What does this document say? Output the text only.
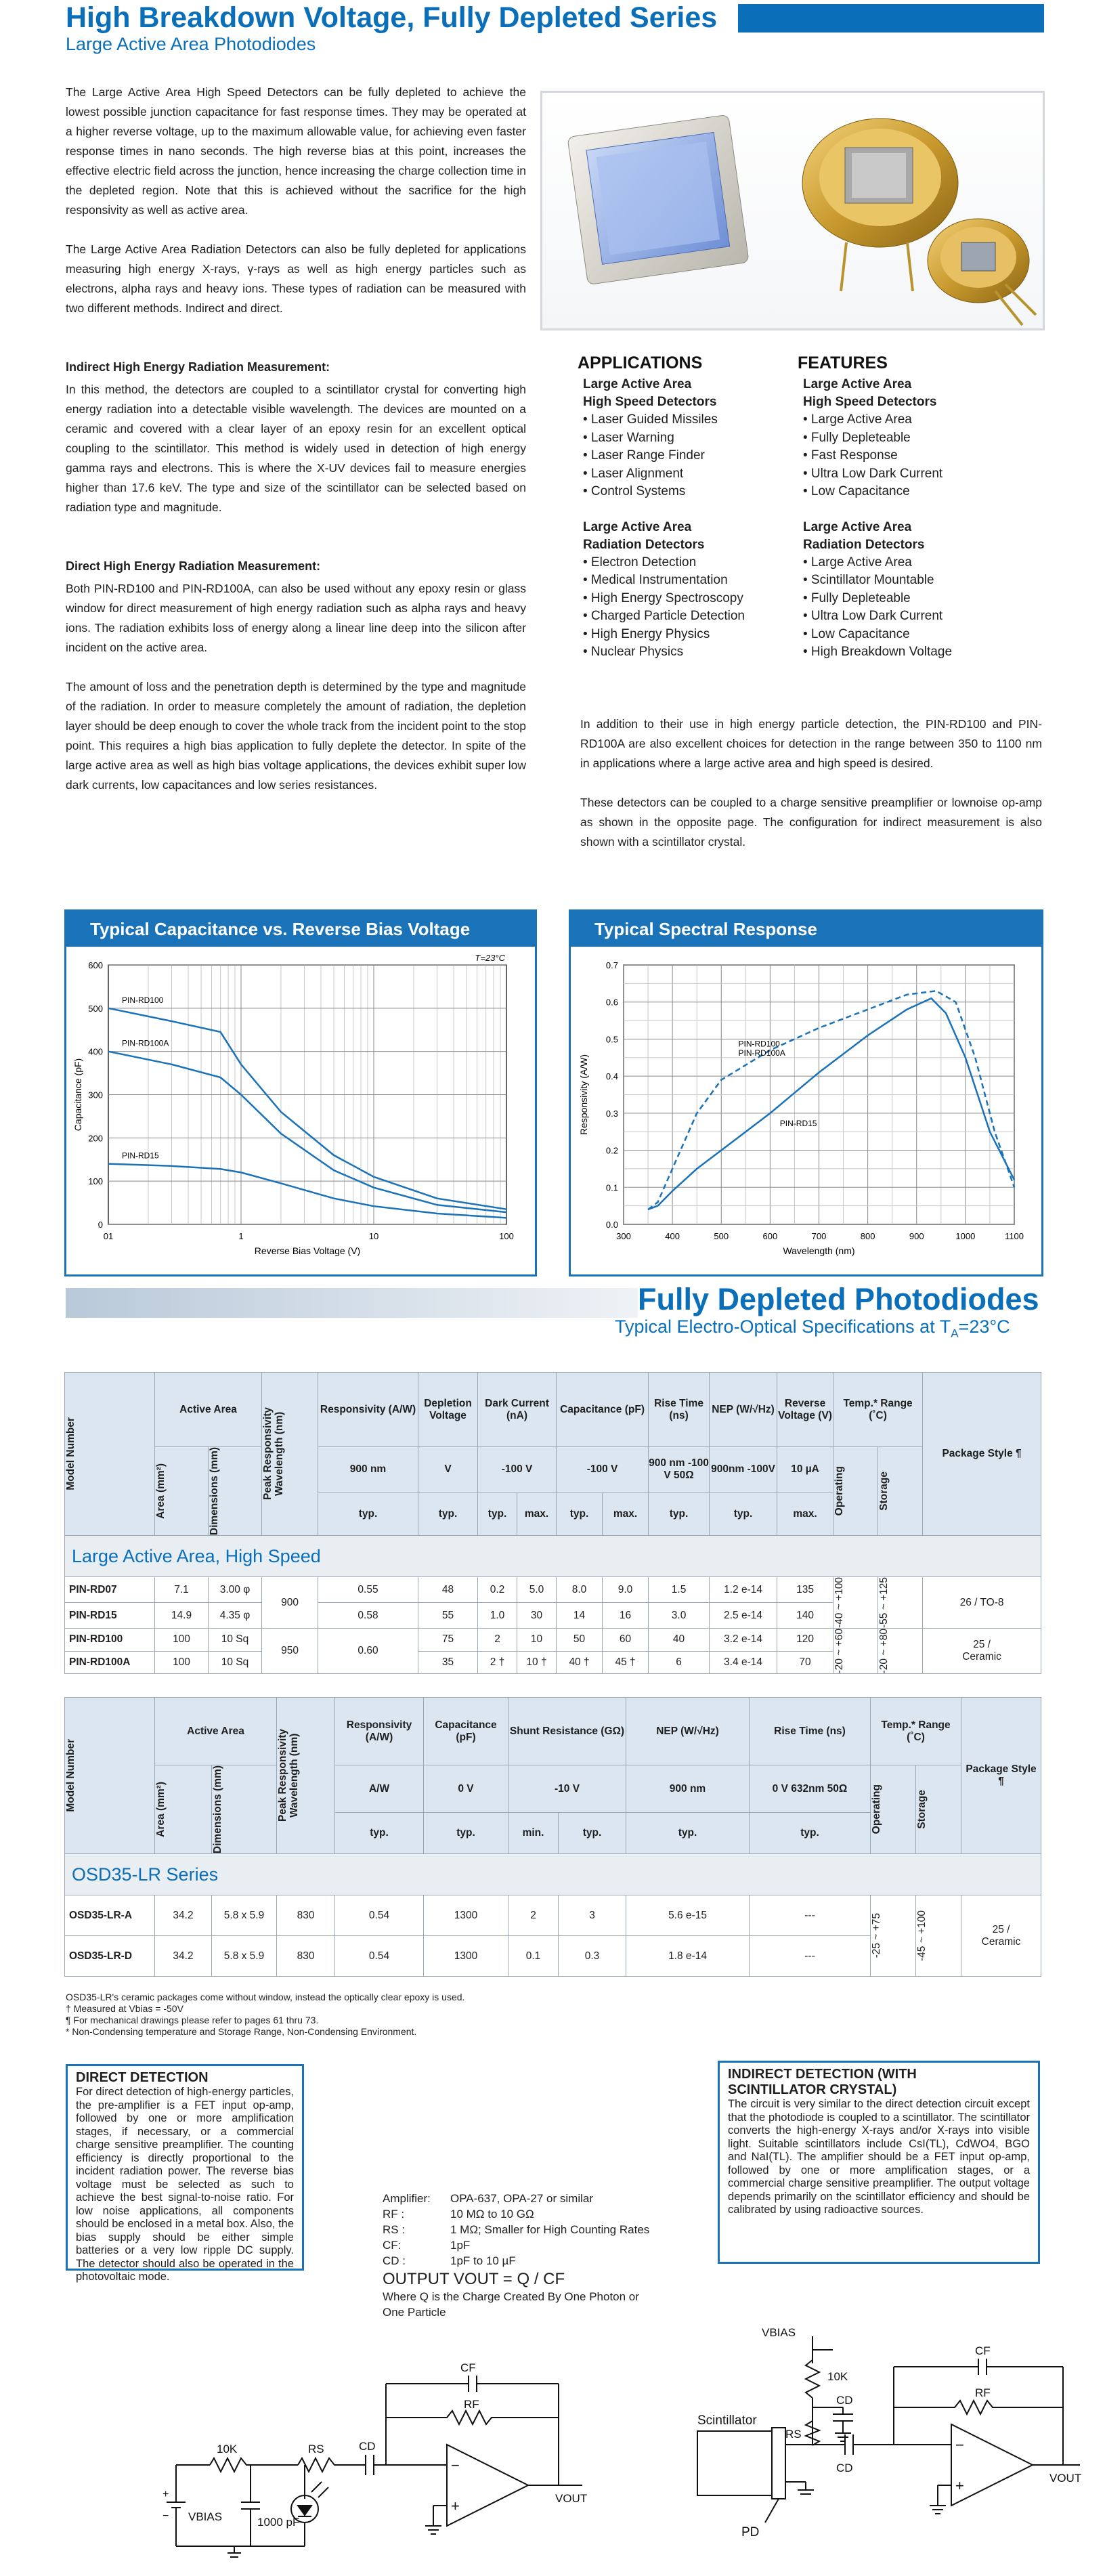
High Breakdown Voltage, Fully Depleted Series
Large Active Area Photodiodes
The Large Active Area High Speed Detectors can be fully depleted to achieve the lowest possible junction capacitance for fast response times. They may be operated at a higher reverse voltage, up to the maximum allowable value, for achieving even faster response times in nano seconds. The high reverse bias at this point, increases the effective electric field across the junction, hence increasing the charge collection time in the depleted region. Note that this is achieved without the sacrifice for the high responsivity as well as active area.
The Large Active Area Radiation Detectors can also be fully depleted for applications measuring high energy X-rays, γ-rays as well as high energy particles such as electrons, alpha rays and heavy ions. These types of radiation can be measured with two different methods. Indirect and direct.
Indirect High Energy Radiation Measurement:
In this method, the detectors are coupled to a scintillator crystal for converting high energy radiation into a detectable visible wavelength. The devices are mounted on a ceramic and covered with a clear layer of an epoxy resin for an excellent optical coupling to the scintillator. This method is widely used in detection of high energy gamma rays and electrons. This is where the X-UV devices fail to measure energies higher than 17.6 keV. The type and size of the scintillator can be selected based on radiation type and magnitude.
Direct High Energy Radiation Measurement:
Both PIN-RD100 and PIN-RD100A, can also be used without any epoxy resin or glass window for direct measurement of high energy radiation such as alpha rays and heavy ions. The radiation exhibits loss of energy along a linear line deep into the silicon after incident on the active area.
The amount of loss and the penetration depth is determined by the type and magnitude of the radiation. In order to measure completely the amount of radiation, the depletion layer should be deep enough to cover the whole track from the incident point to the stop point. This requires a high bias application to fully deplete the detector. In spite of the large active area as well as high bias voltage applications, the devices exhibit super low dark currents, low capacitances and low series resistances.
APPLICATIONS
Large Active Area
High Speed Detectors
• Laser Guided Missiles
• Laser Warning
• Laser Range Finder
• Laser Alignment
• Control Systems
Large Active Area
Radiation Detectors
• Electron Detection
• Medical Instrumentation
• High Energy Spectroscopy
• Charged Particle Detection
• High Energy Physics
• Nuclear Physics
FEATURES
Large Active Area
High Speed Detectors
• Large Active Area
• Fully Depleteable
• Fast Response
• Ultra Low Dark Current
• Low Capacitance
Large Active Area
Radiation Detectors
• Large Active Area
• Scintillator Mountable
• Fully Depleteable
• Ultra Low Dark Current
• Low Capacitance
• High Breakdown Voltage
In addition to their use in high energy particle detection, the PIN-RD100 and PIN-RD100A are also excellent choices for detection in the range between 350 to 1100 nm in applications where a large active area and high speed is desired.
These detectors can be coupled to a charge sensitive preamplifier or lownoise op-amp as shown in the opposite page. The configuration for indirect measurement is also shown with a scintillator crystal.
Typical Capacitance vs. Reverse Bias Voltage
0
100
200
300
400
500
600
01	1	10	100
Reverse Bias Voltage (V)
Capacitance (pF)
T=23°C
PIN-RD100
PIN-RD100A
PIN-RD15
Typical Spectral Response
0.0
0.1
0.2
0.3
0.4
0.5
0.6
0.7
300	400	500	600	700	800	900	1000	1100
Wavelength (nm)
Responsivity (A/W)
PIN-RD100
PIN-RD100A
PIN-RD15
Fully Depleted Photodiodes
Typical Electro-Optical Specifications at $T_A=23^\circ C$
Model Number	Active Area		Peak Responsivity Wavelength (nm)	Responsivity (A/W)	Depletion Voltage	Dark Current (nA)		Capacitance (pF)		Rise Time (ns)	NEP (W/√Hz)	Reverse Voltage (V)	Temp.* Range (˚C)		Package Style ¶

	Area (mm²)	Dimensions (mm)		900 nm	V	-100 V		-100 V		900 nm -100 V 50Ω	900nm -100V	10 µA	Operating	Storage	

				typ.	typ.	typ.	max.	typ.	max.	typ.	typ.	max.			
Large Active Area, High Speed															
PIN-RD07	7.1	3.00 φ	900	0.55	48	0.2	5.0	8.0	9.0	1.5	1.2 e-14	135	-40 ~ +100	-55 ~ +125	26 / TO-8
PIN-RD15	14.9	4.35 φ		0.58	55	1.0	30	14	16	3.0	2.5 e-14	140			
PIN-RD100	100	10 Sq	950	0.60	75	2	10	50	60	40	3.2 e-14	120	-20 ~ +60	-20 ~ +80	25 /
Ceramic

PIN-RD100A	100	10 Sq			35	2 †	10 †	40 †	45 †	6	3.4 e-14	70			
Model Number	Active Area		Peak Responsivity Wavelength (nm)	Responsivity (A/W)	Capacitance (pF)	Shunt Resistance (GΩ)		NEP (W/√Hz)	Rise Time (ns)	Temp.* Range (˚C)		Package Style ¶

	Area (mm²)	Dimensions (mm)		A/W	0 V	-10 V		900 nm	0 V 632nm 50Ω	Operating	Storage	

				typ.	typ.	min.	typ.	typ.	typ.			
OSD35-LR Series												
OSD35-LR-A	34.2	5.8 x 5.9	830	0.54	1300	2	3	5.6 e-15	---	-25 ~ +75	-45 ~ +100	25 /
Ceramic

OSD35-LR-D	34.2	5.8 x 5.9	830	0.54	1300	0.1	0.3	1.8 e-14	---			
OSD35-LR's ceramic packages come without window, instead the optically clear epoxy is used.
† Measured at Vbias = -50V
¶ For mechanical drawings please refer to pages 61 thru 73.
* Non-Condensing temperature and Storage Range, Non-Condensing Environment.
DIRECT DETECTION
For direct detection of high-energy particles, the pre-amplifier is a FET input op-amp, followed by one or more amplification stages, if necessary, or a commercial charge sensitive preamplifier. The counting efficiency is directly proportional to the incident radiation power. The reverse bias voltage must be selected as such to achieve the best signal-to-noise ratio. For low noise applications, all components should be enclosed in a metal box. Also, the bias supply should be either simple batteries or a very low ripple DC supply. The detector should also be operated in the photovoltaic mode.
INDIRECT DETECTION (WITH
SCINTILLATOR CRYSTAL)
The circuit is very similar to the direct detection circuit except that the photodiode is coupled to a scintillator. The scintillator converts the high-energy X-rays and/or X-rays into visible light. Suitable scintillators include CsI(TL), CdWO4, BGO and NaI(TL). The amplifier should be a FET input op-amp, followed by one or more amplification stages, or a commercial charge sensitive preamplifier. The output voltage depends primarily on the scintillator efficiency and should be calibrated by using radioactive sources.
Amplifier: OPA-637, OPA-27 or similar
RF :	10 MΩ to 10 GΩ
RS :	1 MΩ; Smaller for High Counting Rates
CF:	1pF
CD :	1pF to 10 µF
OUTPUT VOUT = Q / CF
Where Q is the Charge Created By One Photon or
One Particle
CF
RF
CD
RS
10K
1000 pF
VBIAS
VOUT
−
+
+
−
VBIAS
10K
RS
CD
CD
Scintillator
PD
CF
RF
VOUT
−
+
